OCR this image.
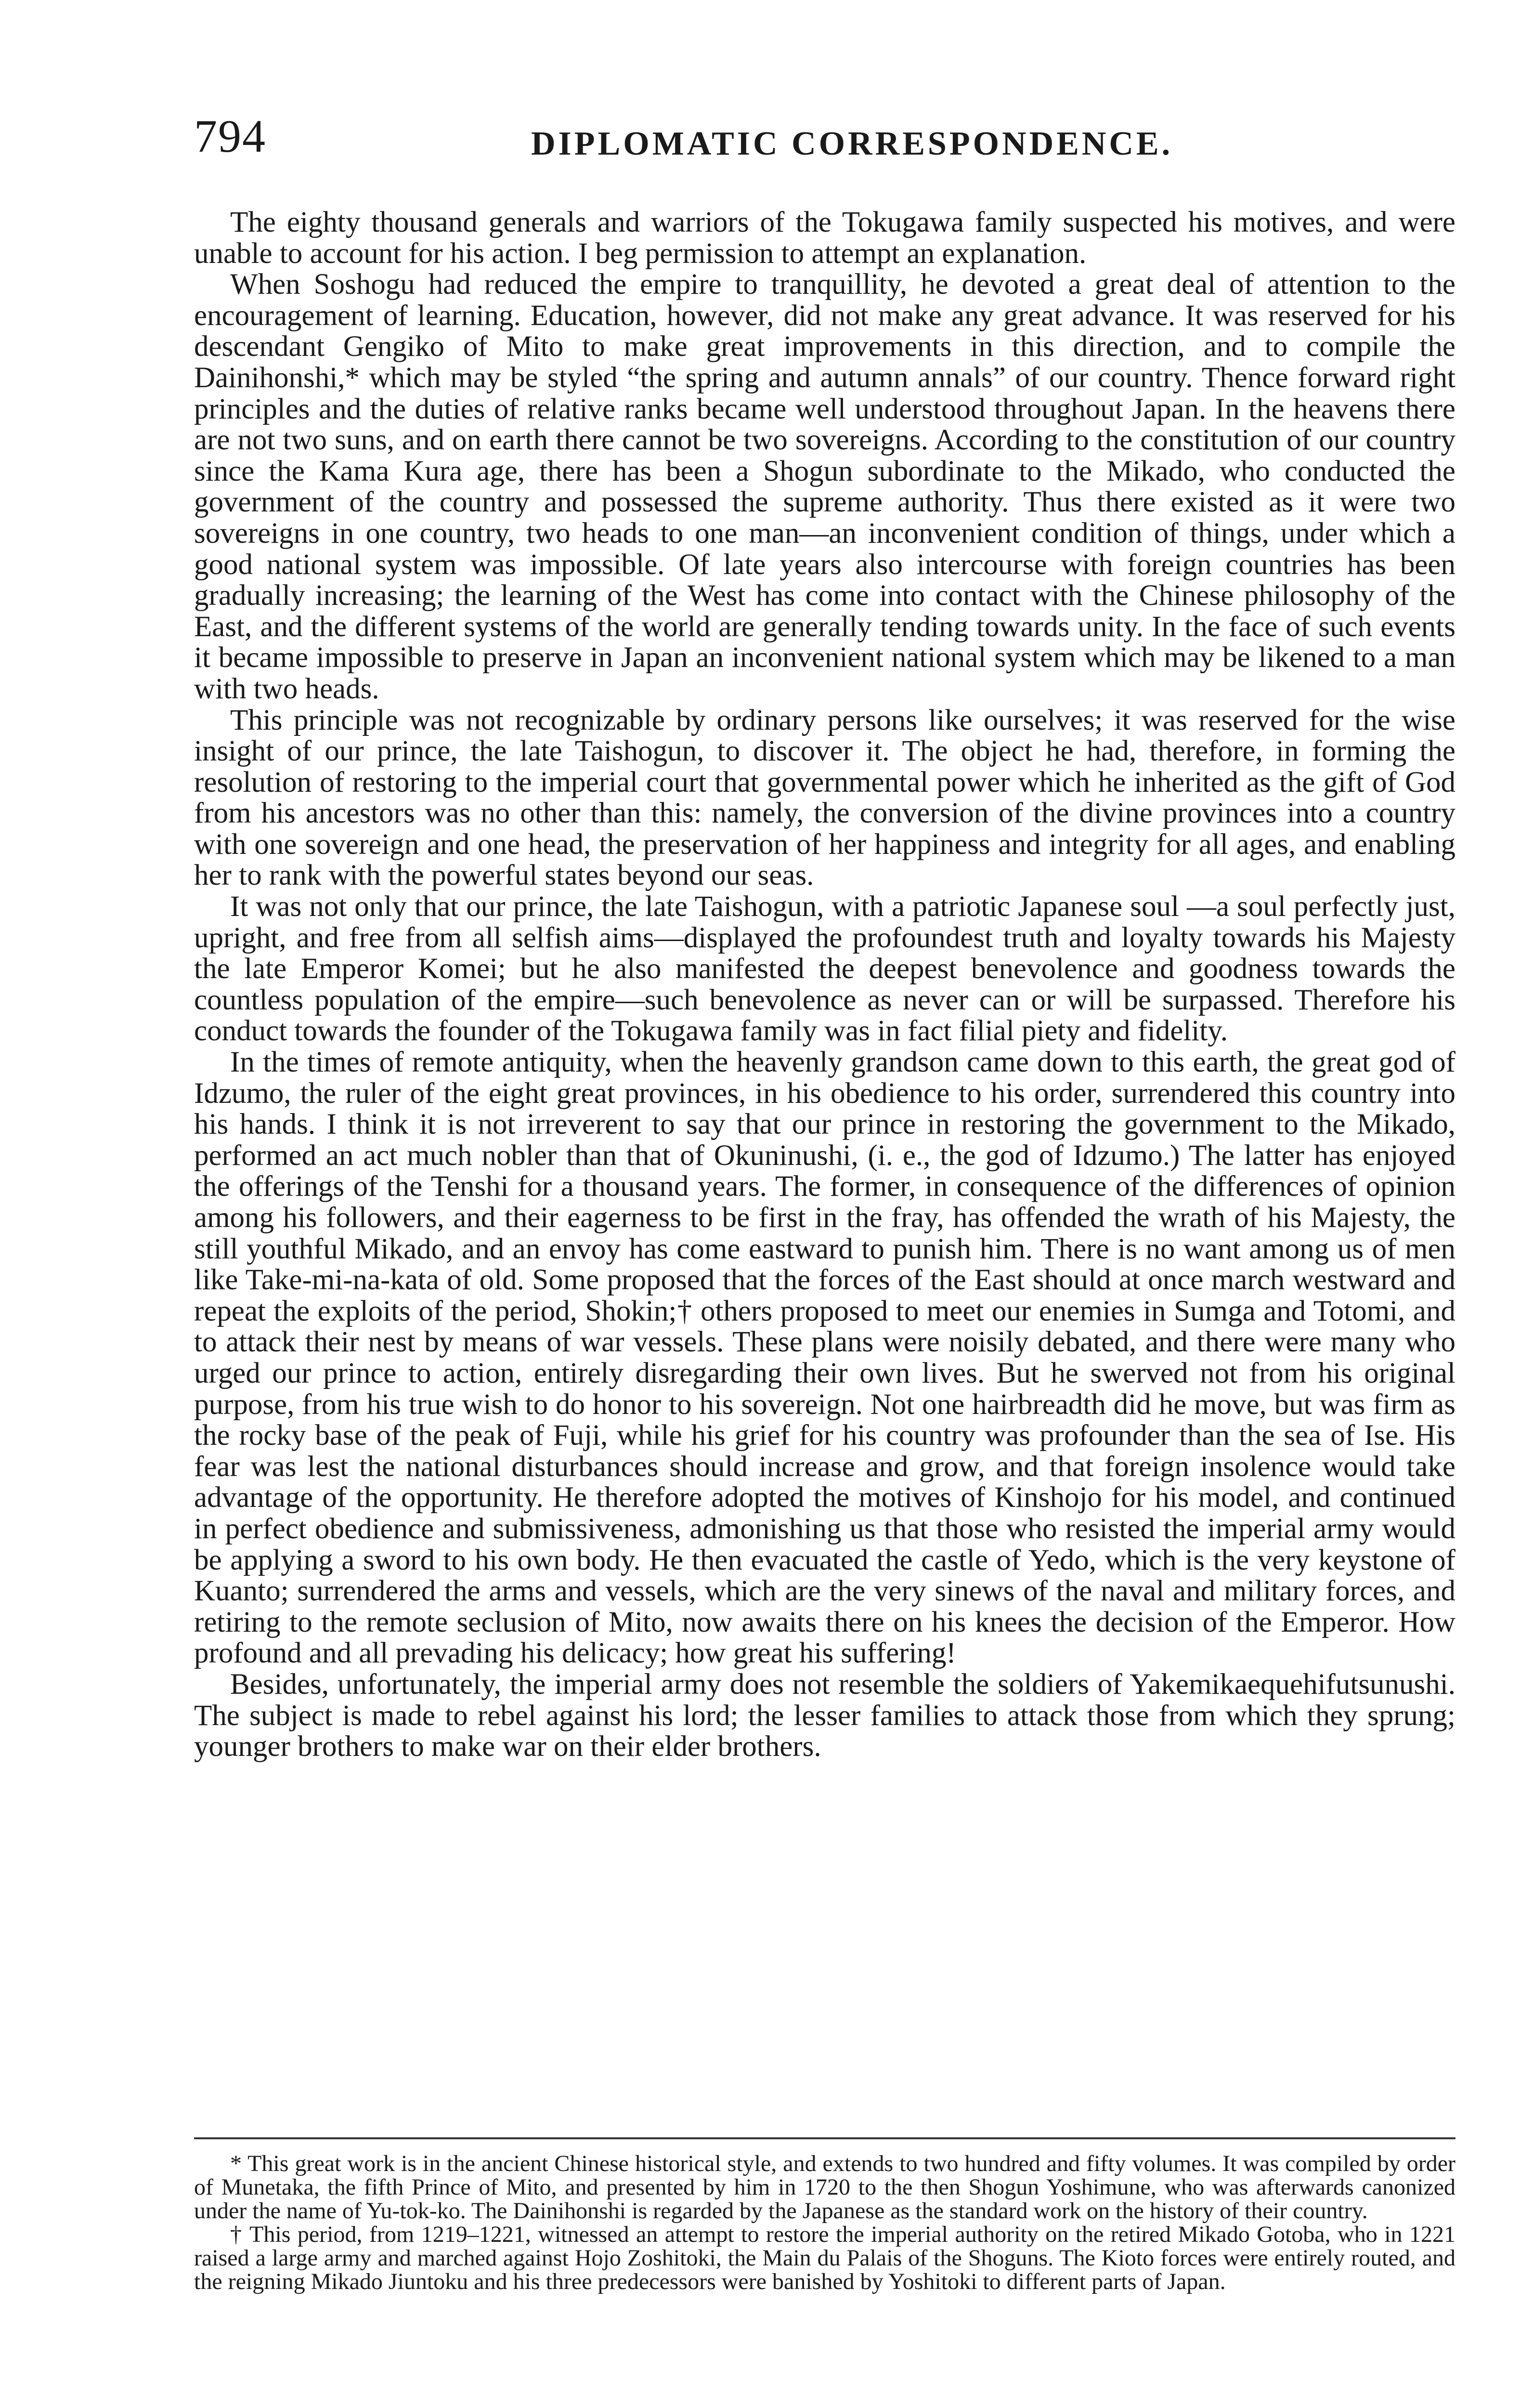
794	DIPLOMATIC CORRESPONDENCE.

The eighty thousand generals and warriors of the Tokugawa family suspected his motives, and were unable to account for his action. I beg permission to attempt an explanation.

When Soshogu had reduced the empire to tranquillity, he devoted a great deal of attention to the encouragement of learning. Education, however, did not make any great advance. It was reserved for his descendant Gengiko of Mito to make great improvements in this direction, and to compile the Dainihonshi,* which may be styled “the spring and autumn annals” of our country. Thence forward right principles and the duties of relative ranks became well understood throughout Japan. In the heavens there are not two suns, and on earth there cannot be two sovereigns. According to the constitution of our country since the Kama Kura age, there has been a Shogun subordinate to the Mikado, who conducted the government of the country and possessed the supreme authority. Thus there existed as it were two sovereigns in one country, two heads to one man—an inconvenient condition of things, under which a good national system was impossible. Of late years also intercourse with foreign countries has been gradually increasing; the learning of the West has come into contact with the Chinese philosophy of the East, and the different systems of the world are generally tending towards unity. In the face of such events it became impossible to preserve in Japan an inconvenient national system which may be likened to a man with two heads.

This principle was not recognizable by ordinary persons like ourselves; it was reserved for the wise insight of our prince, the late Taishogun, to discover it. The object he had, therefore, in forming the resolution of restoring to the imperial court that governmental power which he inherited as the gift of God from his ancestors was no other than this: namely, the conversion of the divine provinces into a country with one sovereign and one head, the preservation of her happiness and integrity for all ages, and enabling her to rank with the powerful states beyond our seas.

It was not only that our prince, the late Taishogun, with a patriotic Japanese soul —a soul perfectly just, upright, and free from all selfish aims—displayed the profoundest truth and loyalty towards his Majesty the late Emperor Komei; but he also manifested the deepest benevolence and goodness towards the countless population of the empire—such benevolence as never can or will be surpassed. Therefore his conduct towards the founder of the Tokugawa family was in fact filial piety and fidelity.

In the times of remote antiquity, when the heavenly grandson came down to this earth, the great god of Idzumo, the ruler of the eight great provinces, in his obedience to his order, surrendered this country into his hands. I think it is not irreverent to say that our prince in restoring the government to the Mikado, performed an act much nobler than that of Okuninushi, (i. e., the god of Idzumo.) The latter has enjoyed the offerings of the Tenshi for a thousand years. The former, in consequence of the differences of opinion among his followers, and their eagerness to be first in the fray, has offended the wrath of his Majesty, the still youthful Mikado, and an envoy has come eastward to punish him. There is no want among us of men like Take-mi-na-kata of old. Some proposed that the forces of the East should at once march westward and repeat the exploits of the period, Shokin;† others proposed to meet our enemies in Sumga and Totomi, and to attack their nest by means of war vessels. These plans were noisily debated, and there were many who urged our prince to action, entirely disregarding their own lives. But he swerved not from his original purpose, from his true wish to do honor to his sovereign. Not one hairbreadth did he move, but was firm as the rocky base of the peak of Fuji, while his grief for his country was profounder than the sea of Ise. His fear was lest the national disturbances should increase and grow, and that foreign insolence would take advantage of the opportunity. He therefore adopted the motives of Kinshojo for his model, and continued in perfect obedience and submissiveness, admonishing us that those who resisted the imperial army would be applying a sword to his own body. He then evacuated the castle of Yedo, which is the very keystone of Kuanto; surrendered the arms and vessels, which are the very sinews of the naval and military forces, and retiring to the remote seclusion of Mito, now awaits there on his knees the decision of the Emperor. How profound and all prevading his delicacy; how great his suffering!

Besides, unfortunately, the imperial army does not resemble the soldiers of Yakemikaequehifutsunushi. The subject is made to rebel against his lord; the lesser families to attack those from which they sprung; younger brothers to make war on their elder brothers.

* This great work is in the ancient Chinese historical style, and extends to two hundred and fifty volumes. It was compiled by order of Munetaka, the fifth Prince of Mito, and presented by him in 1720 to the then Shogun Yoshimune, who was afterwards canonized under the name of Yu-tok-ko. The Dainihonshi is regarded by the Japanese as the standard work on the history of their country.

† This period, from 1219–1221, witnessed an attempt to restore the imperial authority on the retired Mikado Gotoba, who in 1221 raised a large army and marched against Hojo Zoshitoki, the Main du Palais of the Shoguns. The Kioto forces were entirely routed, and the reigning Mikado Jiuntoku and his three predecessors were banished by Yoshitoki to different parts of Japan.
